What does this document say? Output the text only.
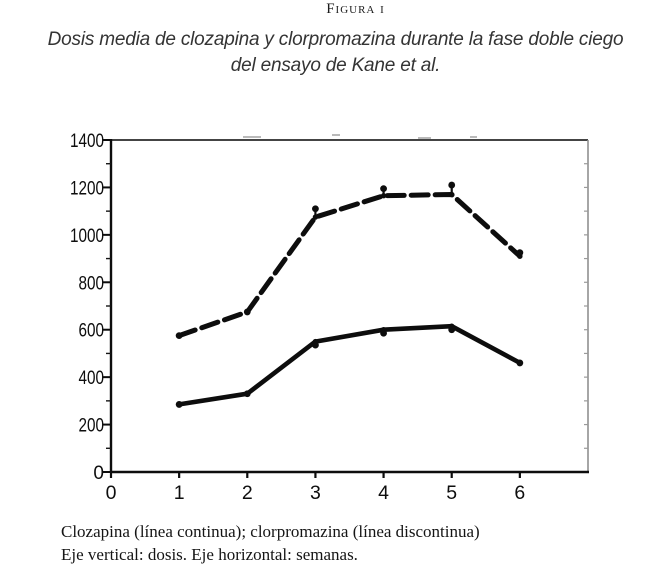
Figura i
Dosis media de clozapina y clorpromazina durante la fase doble ciego
del ensayo de Kane et al.
0
200
400
600
800
1000
1200
1400
0	1	2	3	4	5	6
Clozapina (línea continua); clorpromazina (línea discontinua)
Eje vertical: dosis. Eje horizontal: semanas.
